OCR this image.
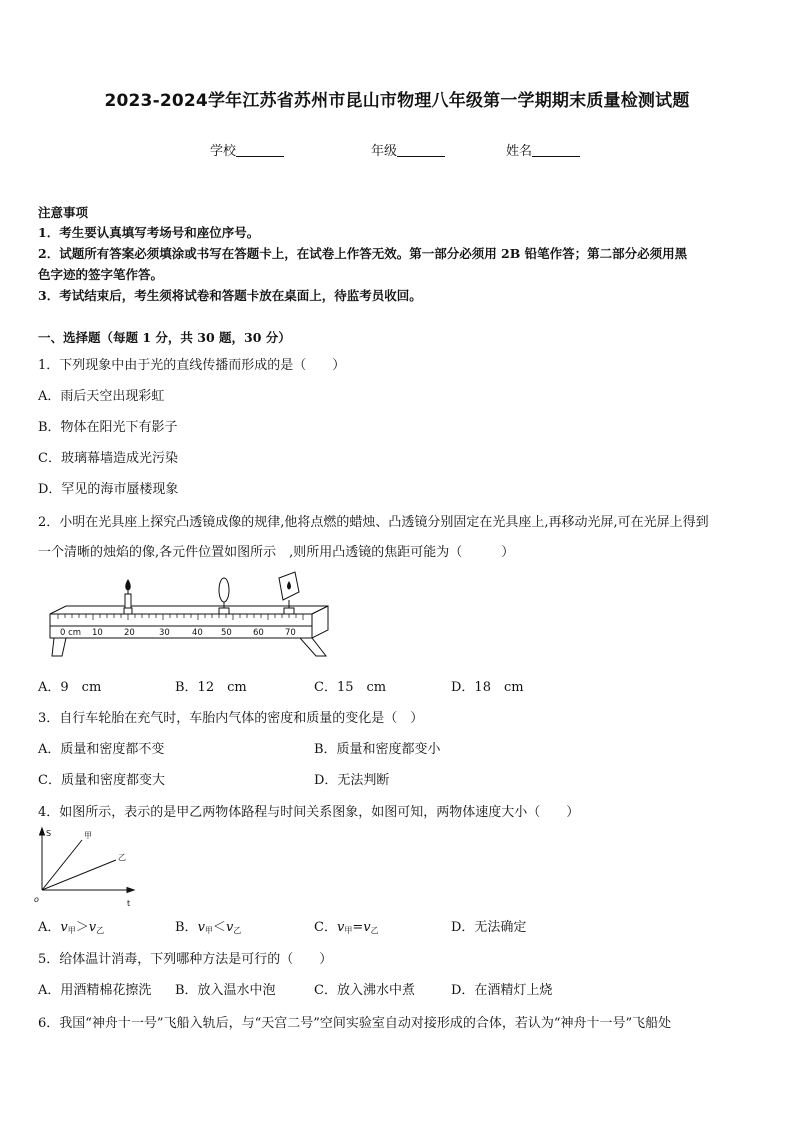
2023-2024学年江苏省苏州市昆山市物理八年级第一学期期末质量检测试题
学校	年级	姓名
注意事项
1．考生要认真填写考场号和座位序号。
2．试题所有答案必须填涂或书写在答题卡上，在试卷上作答无效。第一部分必须用 2B 铅笔作答；第二部分必须用黑
色字迹的签字笔作答。
3．考试结束后，考生须将试卷和答题卡放在桌面上，待监考员收回。
一、选择题（每题 1 分，共 30 题，30 分）
1．下列现象中由于光的直线传播而形成的是（　　）
A．雨后天空出现彩虹
B．物体在阳光下有影子
C．玻璃幕墙造成光污染
D．罕见的海市蜃楼现象
2．小明在光具座上探究凸透镜成像的规律,他将点燃的蜡烛、凸透镜分别固定在光具座上,再移动光屏,可在光屏上得到
一个清晰的烛焰的像,各元件位置如图所示　,则所用凸透镜的焦距可能为（　　　）
0 cm 10 20	30	40 50 60 70
A．9　cm	B．12　cm	C．15　cm	D．18　cm
3．自行车轮胎在充气时，车胎内气体的密度和质量的变化是（　）
A．质量和密度都不变	B．质量和密度都变小
C．质量和密度都变大	D．无法判断
4．如图所示，表示的是甲乙两物体路程与时间关系图象，如图可知，两物体速度大小（　　）
S	甲
乙
o	t
A．$v_甲>v_乙$	B．$v_甲<v_乙$	C．$v_甲=v_乙$	D．无法确定
5．给体温计消毒，下列哪种方法是可行的（　　）
A．用酒精棉花擦洗 B．放入温水中泡	C．放入沸水中煮	D．在酒精灯上烧
6．我国“神舟十一号”飞船入轨后，与“天宫二号”空间实验室自动对接形成的合体，若认为“神舟十一号”飞船处
